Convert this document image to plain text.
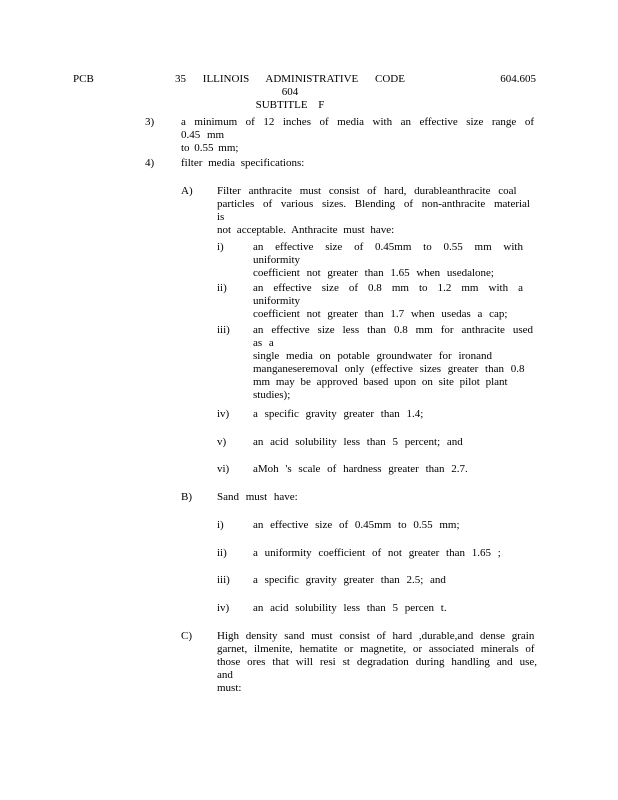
PCB	35 ILLINOIS ADMINISTRATIVE CODE 604
SUBTITLE F
604.605
3) a minimum of 12 inches of media with an effective size range of 0.45 mm
to 0.55 mm;
4) filter media specifications:
A) Filter anthracite must consist of hard, durableanthracite coal
particles of various sizes. Blending of non-anthracite material is
not acceptable. Anthracite must have:
i)	an effective size of 0.45mm to 0.55 mm with uniformity
coefficient not greater than 1.65 when usedalone;
ii) an effective size of 0.8 mm to 1.2 mm with a uniformity
coefficient not greater than 1.7 when usedas a cap;
iii) an effective size less than 0.8 mm for anthracite used as a
single media on potable groundwater for ironand
manganeseremoval only (effective sizes greater than 0.8
mm may be approved based upon on site pilot plant
studies);
iv) a specific gravity greater than 1.4;
v) an acid solubility less than 5 percent; and
vi) aMoh 's scale of hardness greater than 2.7.
B) Sand must have:
i)	an effective size of 0.45mm to 0.55 mm;
ii) a uniformity coefficient of not greater than 1.65 ;
iii) a specific gravity greater than 2.5; and
iv) an acid solubility less than 5 percen t.
C) High density sand must consist of hard ,durable,and dense grain
garnet, ilmenite, hematite or magnetite, or associated minerals of
those ores that will resi st degradation during handling and use, and
must:
